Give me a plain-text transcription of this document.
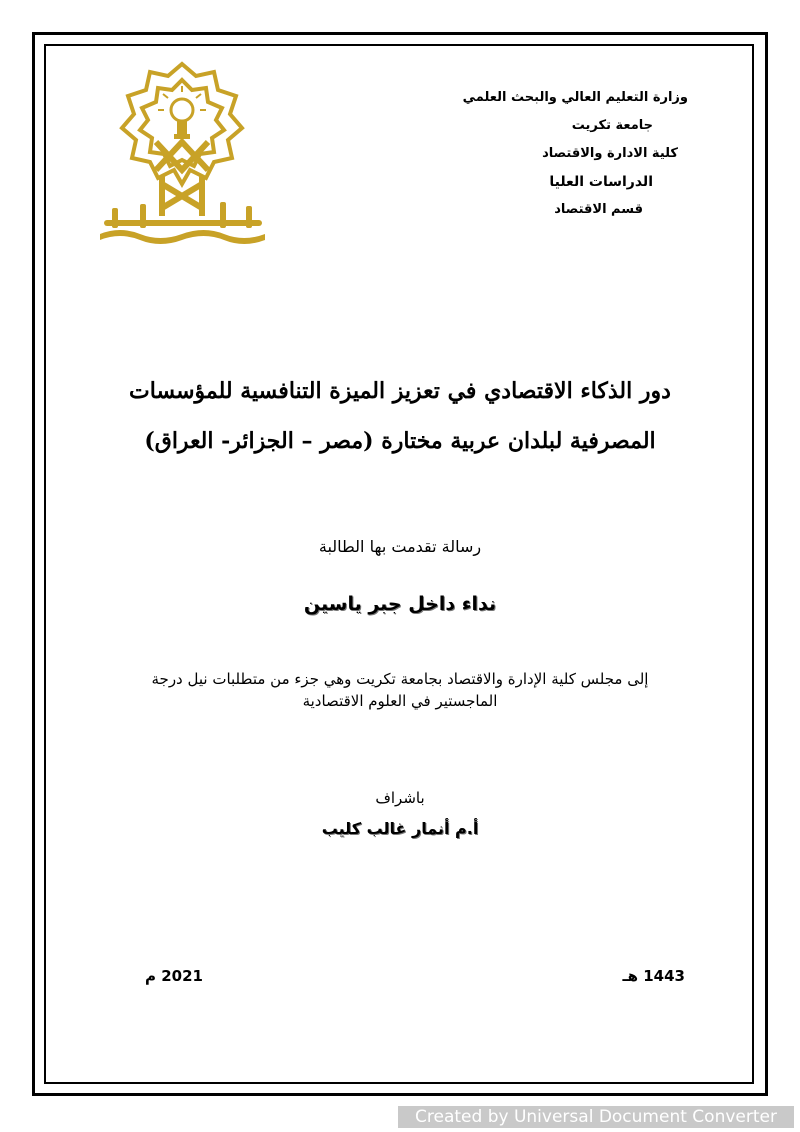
وزارة التعليم العالي والبحث العلمي
جامعة تكريت
كلية الادارة والاقتصاد
الدراسات العليا
قسم الاقتصاد
دور الذكاء الاقتصادي في تعزيز الميزة التنافسية للمؤسسات
المصرفية لبلدان عربية مختارة (مصر – الجزائر- العراق)
رسالة تقدمت بها الطالبة
نداء داخل جبر ياسين
إلى مجلس كلية الإدارة والاقتصاد بجامعة تكريت وهي جزء من متطلبات نيل درجة
الماجستير في العلوم الاقتصادية
باشراف
أ.م أنمار غالب كليب
1443 هـ
2021 م
Created by Universal Document Converter
